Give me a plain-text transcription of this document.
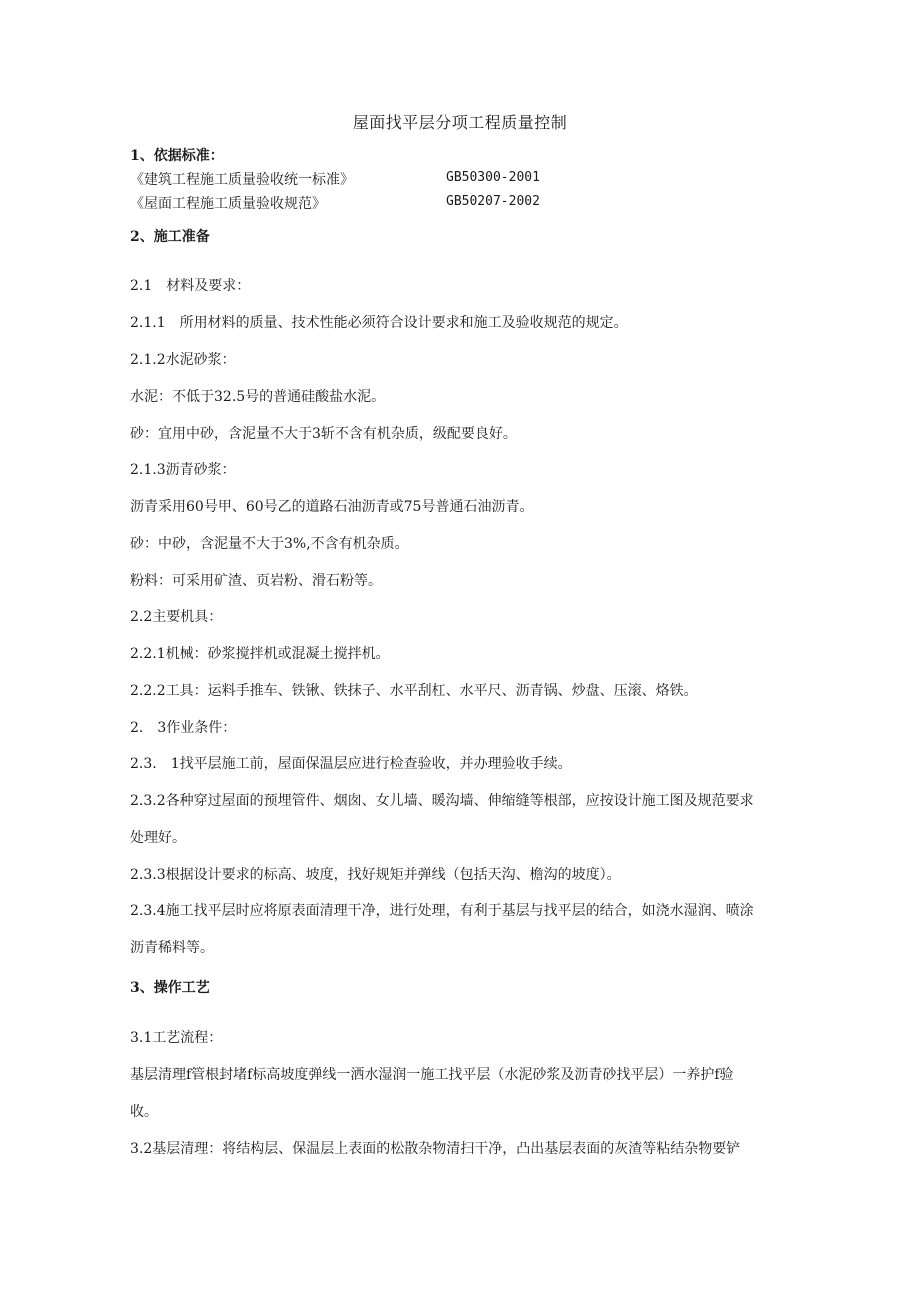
屋面找平层分项工程质量控制
1、依据标准：
《建筑工程施工质量验收统一标准》	GB50300-2001
《屋面工程施工质量验收规范》	GB50207-2002
2、施工准备
2.1　材料及要求：
2.1.1　所用材料的质量、技术性能必须符合设计要求和施工及验收规范的规定。
2.1.2水泥砂浆：
水泥：不低于32.5号的普通硅酸盐水泥。
砂：宜用中砂，含泥量不大于3斩不含有机杂质，级配要良好。
2.1.3沥青砂浆：
沥青采用60号甲、60号乙的道路石油沥青或75号普通石油沥青。
砂：中砂，含泥量不大于3%,不含有机杂质。
粉料：可采用矿渣、页岩粉、滑石粉等。
2.2主要机具：
2.2.1机械：砂浆搅拌机或混凝土搅拌机。
2.2.2工具：运料手推车、铁锹、铁抹子、水平刮杠、水平尺、沥青锅、炒盘、压滚、烙铁。
2.　3作业条件：
2.3.　1找平层施工前，屋面保温层应进行检查验收，并办理验收手续。
2.3.2各种穿过屋面的预埋管件、烟囱、女儿墙、暖沟墙、伸缩缝等根部，应按设计施工图及规范要求
处理好。
2.3.3根据设计要求的标高、坡度，找好规矩并弹线（包括天沟、檐沟的坡度）。
2.3.4施工找平层时应将原表面清理干净，进行处理，有利于基层与找平层的结合，如浇水湿润、喷涂
沥青稀料等。
3、操作工艺
3.1工艺流程：
基层清理f管根封堵f标高坡度弹线一洒水湿润一施工找平层（水泥砂浆及沥青砂找平层）一养护f验
收。
3.2基层清理：将结构层、保温层上表面的松散杂物清扫干净，凸出基层表面的灰渣等粘结杂物要铲
